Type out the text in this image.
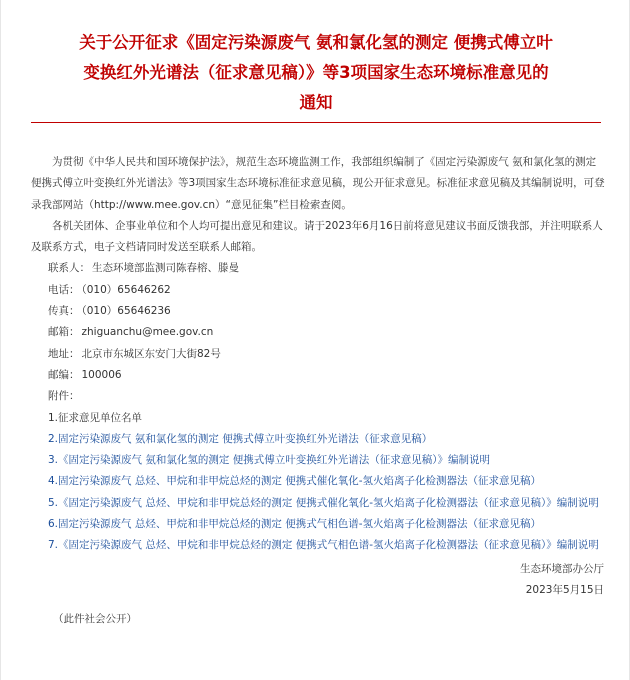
关于公开征求《固定污染源废气 氨和氯化氢的测定 便携式傅立叶
变换红外光谱法（征求意见稿）》等3项国家生态环境标准意见的
通知

为贯彻《中华人民共和国环境保护法》，规范生态环境监测工作，我部组织编制了《固定污染源废气 氨和氯化氢的测定 便携式傅立叶变换红外光谱法》等3项国家生态环境标准征求意见稿，现公开征求意见。标准征求意见稿及其编制说明，可登录我部网站（http://www.mee.gov.cn）“意见征集”栏目检索查阅。

各机关团体、企事业单位和个人均可提出意见和建议。请于2023年6月16日前将意见建议书面反馈我部，并注明联系人及联系方式，电子文档请同时发送至联系人邮箱。

联系人： 生态环境部监测司陈春榕、滕曼
电话： （010）65646262
传真： （010）65646236
邮箱： zhiguanchu@mee.gov.cn
地址： 北京市东城区东安门大街82号
邮编： 100006
附件：
1.征求意见单位名单
2.固定污染源废气 氨和氯化氢的测定 便携式傅立叶变换红外光谱法（征求意见稿）
3.《固定污染源废气 氨和氯化氢的测定 便携式傅立叶变换红外光谱法（征求意见稿）》编制说明
4.固定污染源废气 总烃、甲烷和非甲烷总烃的测定 便携式催化氧化-氢火焰离子化检测器法（征求意见稿）
5.《固定污染源废气 总烃、甲烷和非甲烷总烃的测定 便携式催化氧化-氢火焰离子化检测器法（征求意见稿）》编制说明
6.固定污染源废气 总烃、甲烷和非甲烷总烃的测定 便携式气相色谱-氢火焰离子化检测器法（征求意见稿）
7.《固定污染源废气 总烃、甲烷和非甲烷总烃的测定 便携式气相色谱-氢火焰离子化检测器法（征求意见稿）》编制说明
生态环境部办公厅
2023年5月15日
（此件社会公开）
